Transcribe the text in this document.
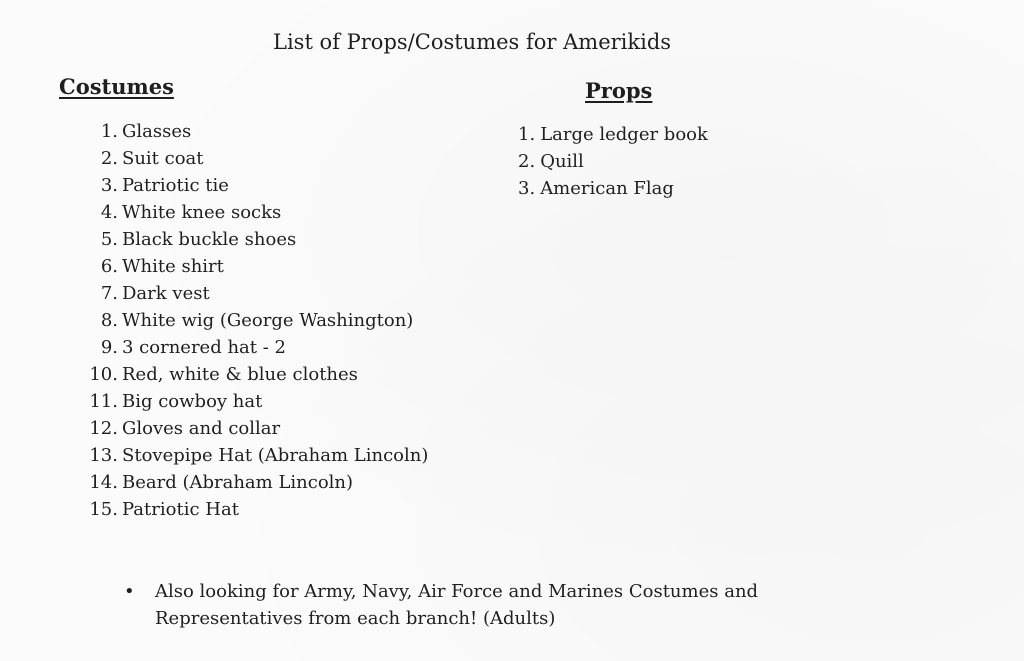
List of Props/Costumes for Amerikids
Costumes	Props
1. Glasses
2. Suit coat
3. Patriotic tie
4. White knee socks
5. Black buckle shoes
6. White shirt
7. Dark vest
8. White wig (George Washington)
9. 3 cornered hat - 2
10. Red, white & blue clothes
11. Big cowboy hat
12. Gloves and collar
13. Stovepipe Hat (Abraham Lincoln)
14. Beard (Abraham Lincoln)
15. Patriotic Hat
1. Large ledger book
2. Quill
3. American Flag
• Also looking for Army, Navy, Air Force and Marines Costumes and
Representatives from each branch! (Adults)
